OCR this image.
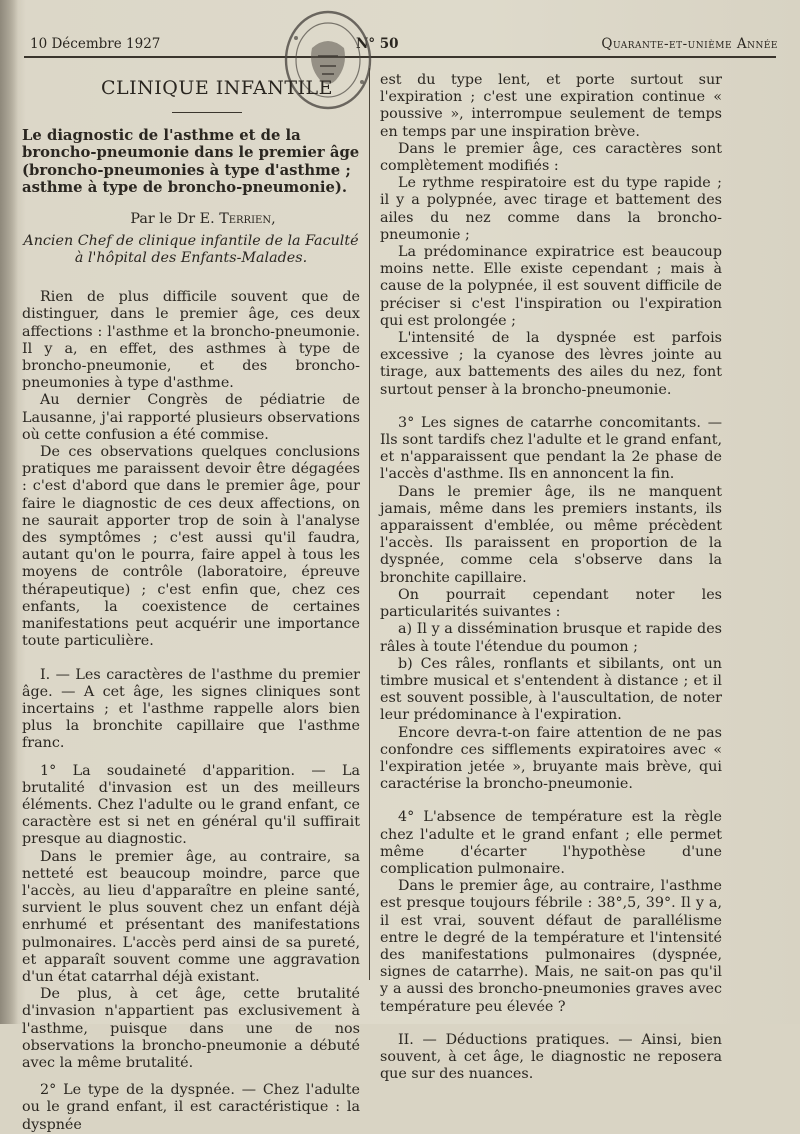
10 Décembre 1927	N° 50	Quarante-et-unième Année
CLINIQUE INFANTILE
Le diagnostic de l'asthme et de la broncho-pneumonie dans le premier âge (broncho-pneumonies à type d'asthme ; asthme à type de broncho-pneumonie).
Par le Dr E. Terrien,
Ancien Chef de clinique infantile de la Faculté à l'hôpital des Enfants-Malades.

Rien de plus difficile souvent que de distinguer, dans le premier âge, ces deux affections : l'asthme et la broncho-pneumonie. Il y a, en effet, des asthmes à type de broncho-pneumonie, et des broncho-pneumonies à type d'asthme.

Au dernier Congrès de pédiatrie de Lausanne, j'ai rapporté plusieurs observations où cette confusion a été commise.

De ces observations quelques conclusions pratiques me paraissent devoir être dégagées : c'est d'abord que dans le premier âge, pour faire le diagnostic de ces deux affections, on ne saurait apporter trop de soin à l'analyse des symptômes ; c'est aussi qu'il faudra, autant qu'on le pourra, faire appel à tous les moyens de contrôle (laboratoire, épreuve thérapeutique) ; c'est enfin que, chez ces enfants, la coexistence de certaines manifestations peut acquérir une importance toute particulière.

I. — Les caractères de l'asthme du premier âge. — A cet âge, les signes cliniques sont incertains ; et l'asthme rappelle alors bien plus la bronchite capillaire que l'asthme franc.

1° La soudaineté d'apparition. — La brutalité d'invasion est un des meilleurs éléments. Chez l'adulte ou le grand enfant, ce caractère est si net en général qu'il suffirait presque au diagnostic.

Dans le premier âge, au contraire, sa netteté est beaucoup moindre, parce que l'accès, au lieu d'apparaître en pleine santé, survient le plus souvent chez un enfant déjà enrhumé et présentant des manifestations pulmonaires. L'accès perd ainsi de sa pureté, et apparaît souvent comme une aggravation d'un état catarrhal déjà existant.

De plus, à cet âge, cette brutalité d'invasion n'appartient pas exclusivement à l'asthme, puisque dans une de nos observations la broncho-pneumonie a débuté avec la même brutalité.

2° Le type de la dyspnée. — Chez l'adulte ou le grand enfant, il est caractéristique : la dyspnée

est du type lent, et porte surtout sur l'expiration ; c'est une expiration continue « poussive », interrompue seulement de temps en temps par une inspiration brève.

Dans le premier âge, ces caractères sont complètement modifiés :

Le rythme respiratoire est du type rapide ; il y a polypnée, avec tirage et battement des ailes du nez comme dans la broncho-pneumonie ;

La prédominance expiratrice est beaucoup moins nette. Elle existe cependant ; mais à cause de la polypnée, il est souvent difficile de préciser si c'est l'inspiration ou l'expiration qui est prolongée ;

L'intensité de la dyspnée est parfois excessive ; la cyanose des lèvres jointe au tirage, aux battements des ailes du nez, font surtout penser à la broncho-pneumonie.

3° Les signes de catarrhe concomitants. — Ils sont tardifs chez l'adulte et le grand enfant, et n'apparaissent que pendant la 2e phase de l'accès d'asthme. Ils en annoncent la fin.

Dans le premier âge, ils ne manquent jamais, même dans les premiers instants, ils apparaissent d'emblée, ou même précèdent l'accès. Ils paraissent en proportion de la dyspnée, comme cela s'observe dans la bronchite capillaire.

On pourrait cependant noter les particularités suivantes :

a) Il y a dissémination brusque et rapide des râles à toute l'étendue du poumon ;

b) Ces râles, ronflants et sibilants, ont un timbre musical et s'entendent à distance ; et il est souvent possible, à l'auscultation, de noter leur prédominance à l'expiration.

Encore devra-t-on faire attention de ne pas confondre ces sifflements expiratoires avec « l'expiration jetée », bruyante mais brève, qui caractérise la broncho-pneumonie.

4° L'absence de température est la règle chez l'adulte et le grand enfant ; elle permet même d'écarter l'hypothèse d'une complication pulmonaire.

Dans le premier âge, au contraire, l'asthme est presque toujours fébrile : 38°,5, 39°. Il y a, il est vrai, souvent défaut de parallélisme entre le degré de la température et l'intensité des manifestations pulmonaires (dyspnée, signes de catarrhe). Mais, ne sait-on pas qu'il y a aussi des broncho-pneumonies graves avec température peu élevée ?

II. — Déductions pratiques. — Ainsi, bien souvent, à cet âge, le diagnostic ne reposera que sur des nuances.
